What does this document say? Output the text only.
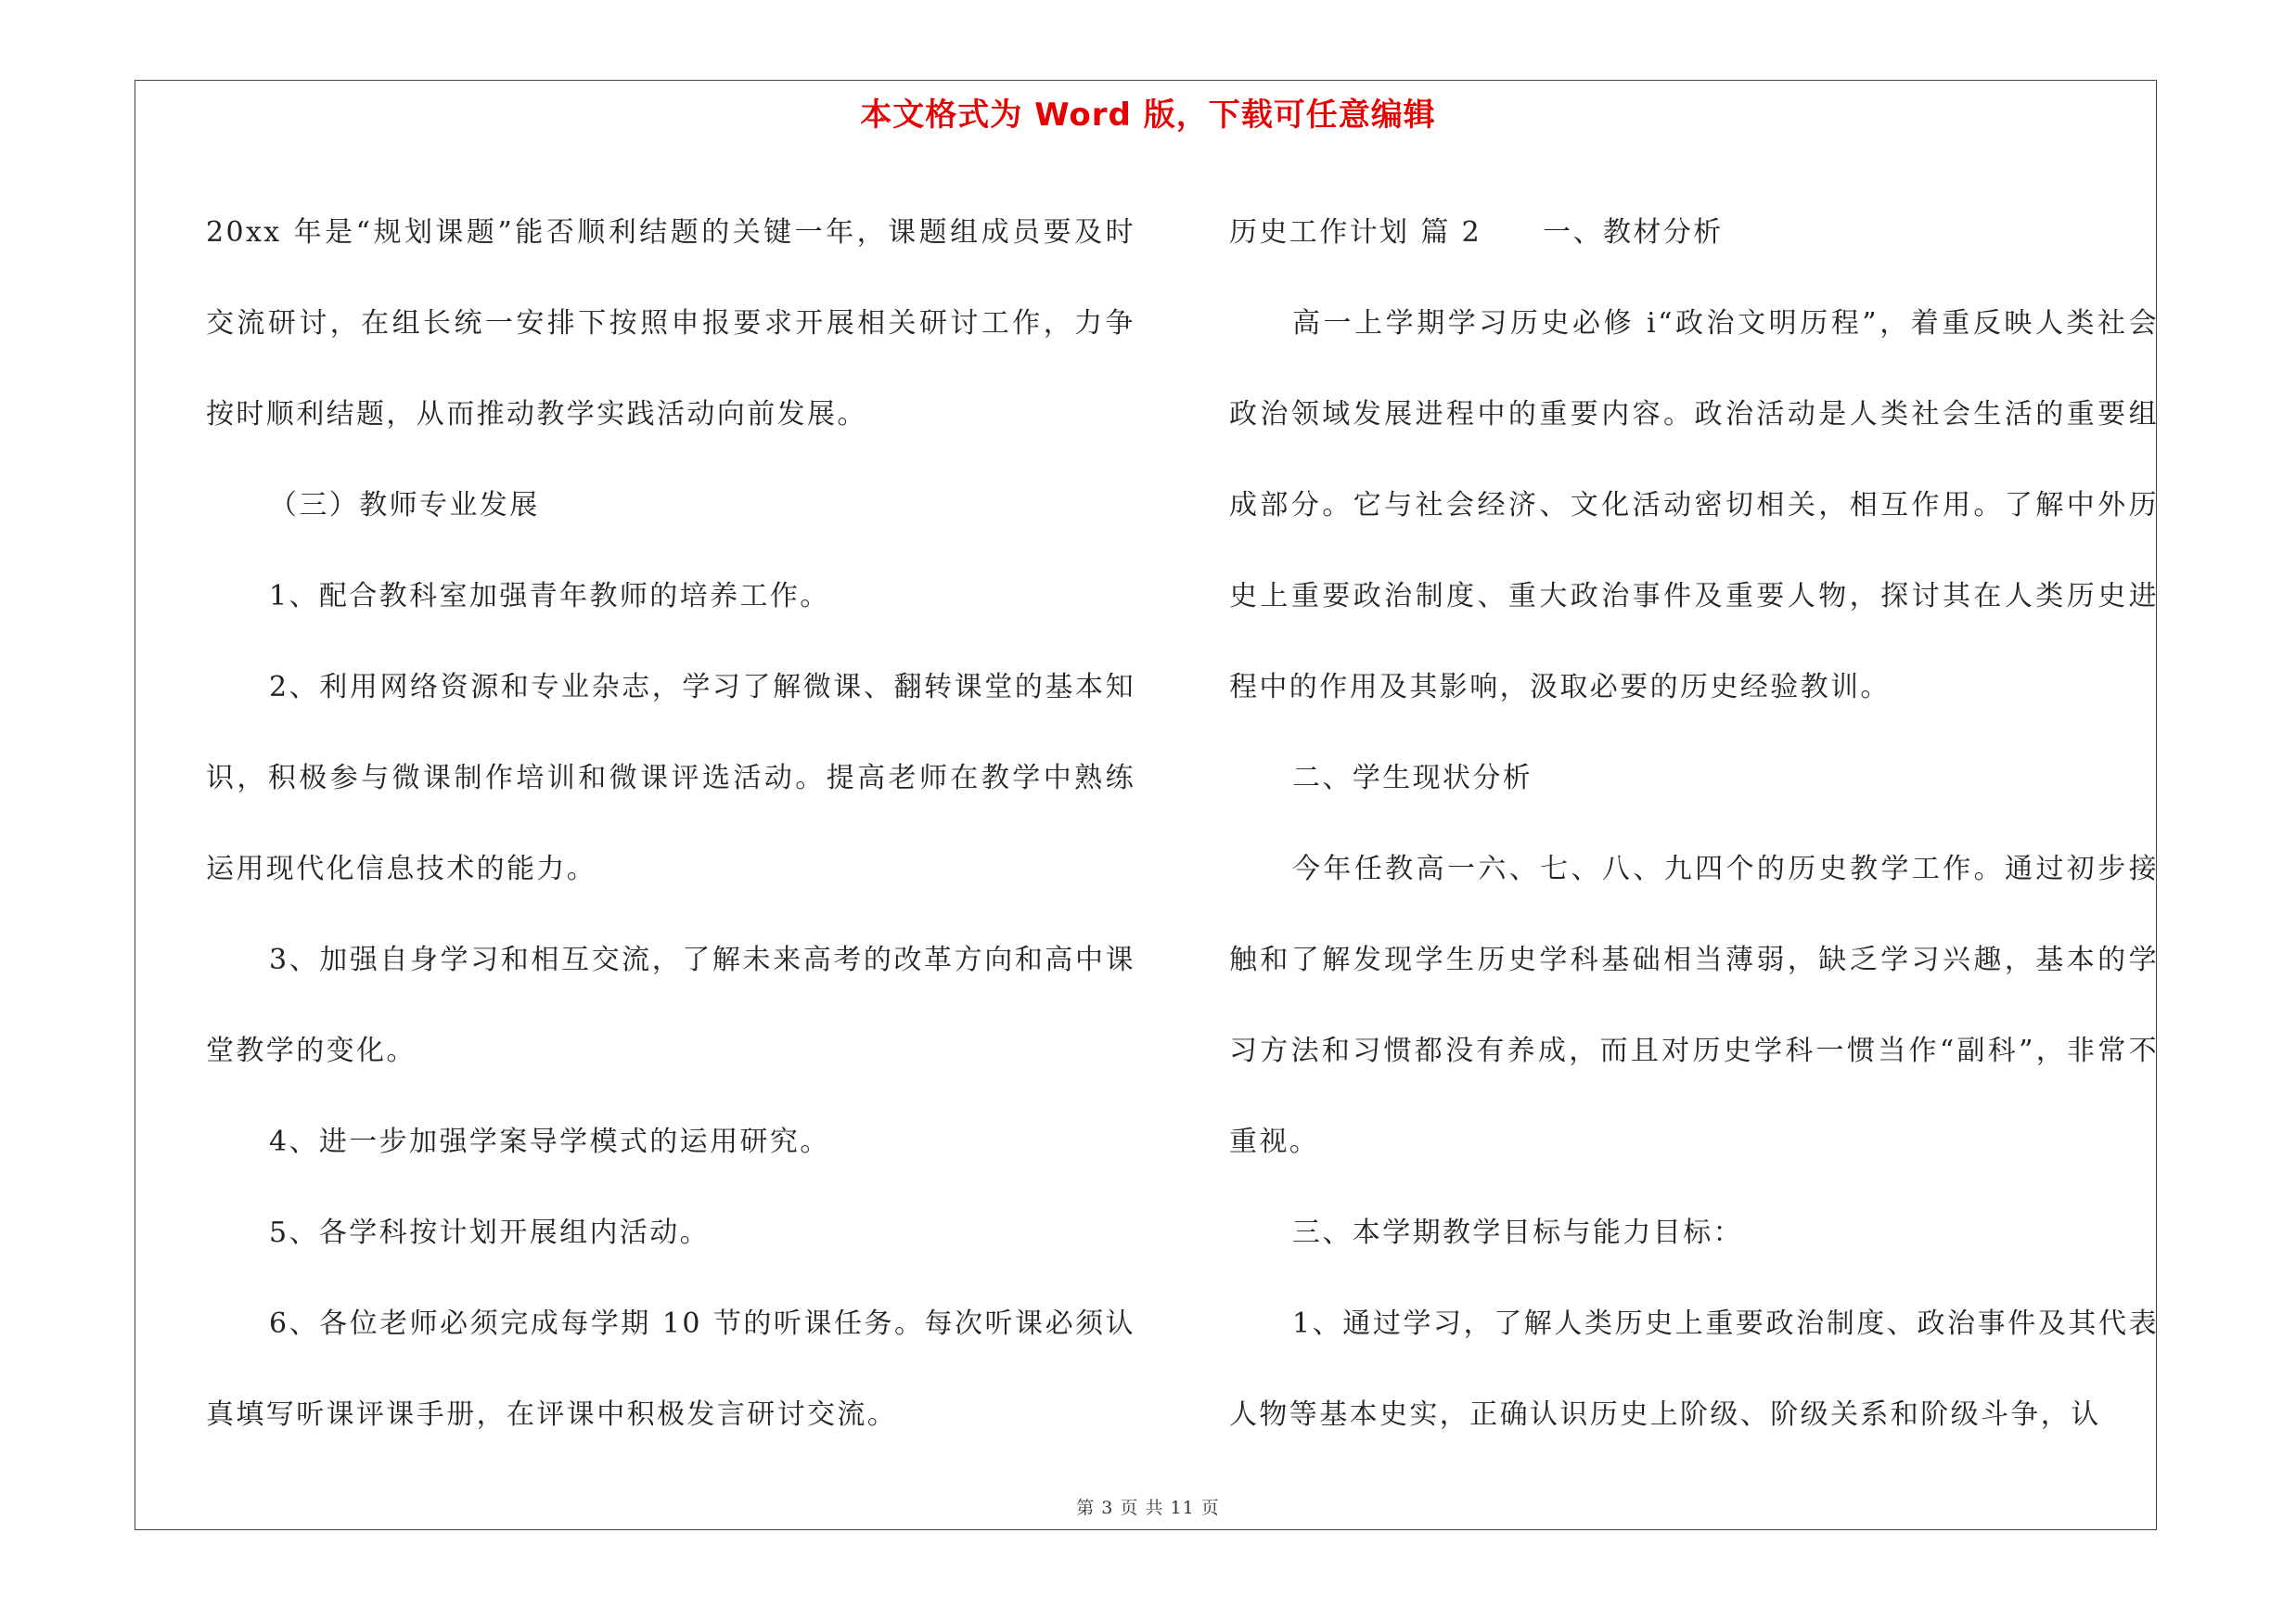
本文格式为 Word 版，下载可任意编辑

20xx 年是“规划课题”能否顺利结题的关键一年，课题组成员要及时交流研讨，在组长统一安排下按照申报要求开展相关研讨工作，力争按时顺利结题，从而推动教学实践活动向前发展。

（三）教师专业发展

1、配合教科室加强青年教师的培养工作。

2、利用网络资源和专业杂志，学习了解微课、翻转课堂的基本知识，积极参与微课制作培训和微课评选活动。提高老师在教学中熟练运用现代化信息技术的能力。

3、加强自身学习和相互交流，了解未来高考的改革方向和高中课堂教学的变化。

4、进一步加强学案导学模式的运用研究。

5、各学科按计划开展组内活动。

6、各位老师必须完成每学期 10 节的听课任务。每次听课必须认真填写听课评课手册，在评课中积极发言研讨交流。

历史工作计划 篇 2 一、教材分析

高一上学期学习历史必修 i“政治文明历程”，着重反映人类社会政治领域发展进程中的重要内容。政治活动是人类社会生活的重要组成部分。它与社会经济、文化活动密切相关，相互作用。了解中外历史上重要政治制度、重大政治事件及重要人物，探讨其在人类历史进程中的作用及其影响，汲取必要的历史经验教训。

二、学生现状分析

今年任教高一六、七、八、九四个的历史教学工作。通过初步接触和了解发现学生历史学科基础相当薄弱，缺乏学习兴趣，基本的学习方法和习惯都没有养成，而且对历史学科一惯当作“副科”，非常不重视。

三、本学期教学目标与能力目标：

1、通过学习，了解人类历史上重要政治制度、政治事件及其代表人物等基本史实，正确认识历史上阶级、阶级关系和阶级斗争，认

第 3 页 共 11 页
